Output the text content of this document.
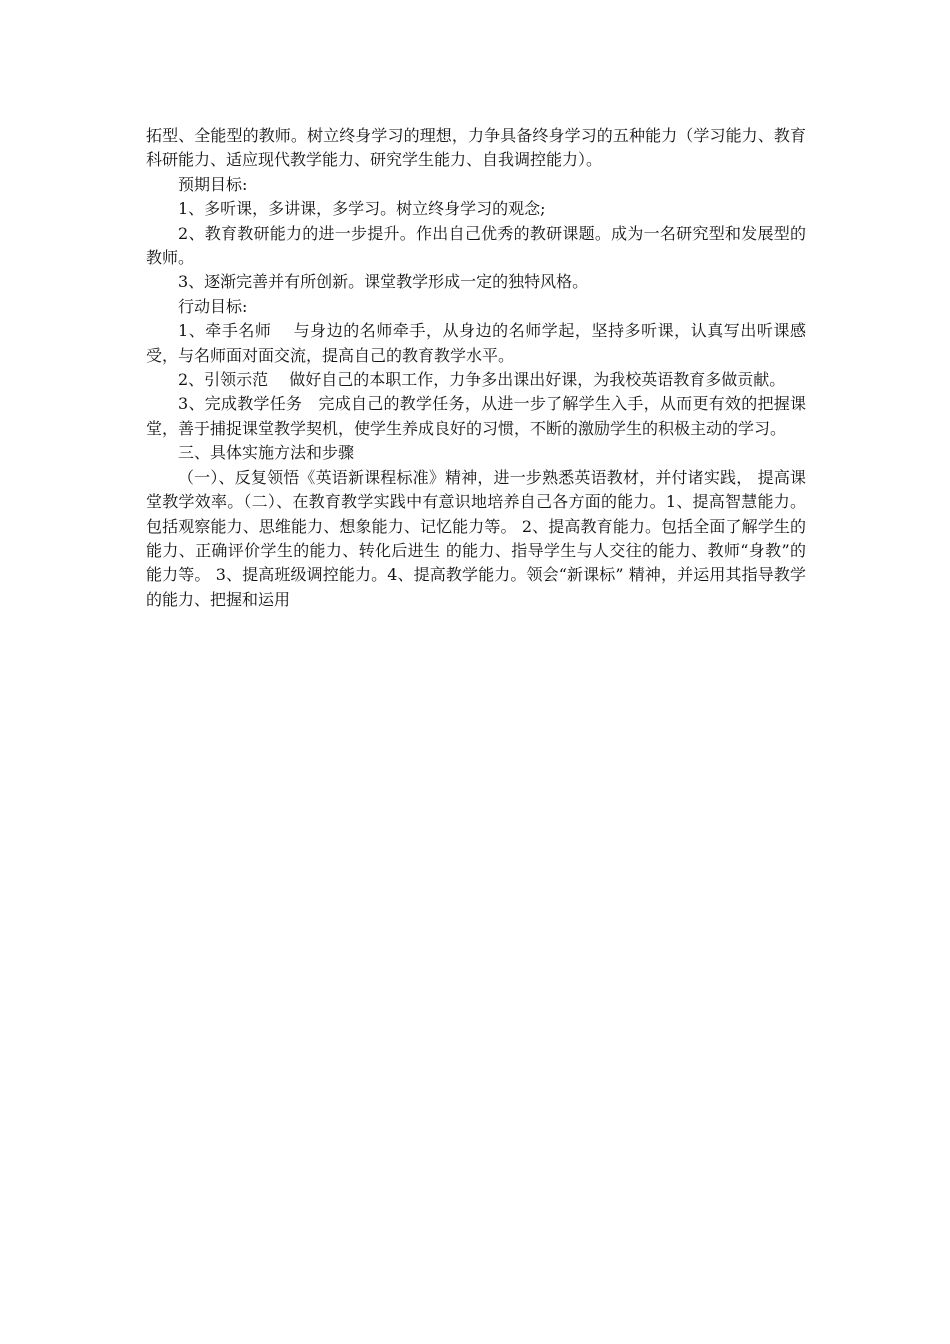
拓型、全能型的教师。树立终身学习的理想，力争具备终身学习的五种能力（学习能力、教育科研能力、适应现代教学能力、研究学生能力、自我调控能力）。

预期目标:

1、多听课，多讲课，多学习。树立终身学习的观念;

2、教育教研能力的进一步提升。作出自己优秀的教研课题。成为一名研究型和发展型的教师。

3、逐渐完善并有所创新。课堂教学形成一定的独特风格。

行动目标:

1、牵手名师　 与身边的名师牵手，从身边的名师学起，坚持多听课，认真写出听课感受，与名师面对面交流，提高自己的教育教学水平。

2、引领示范　 做好自己的本职工作，力争多出课出好课，为我校英语教育多做贡献。

3、完成教学任务　完成自己的教学任务，从进一步了解学生入手，从而更有效的把握课堂，善于捕捉课堂教学契机，使学生养成良好的习惯，不断的激励学生的积极主动的学习。

三、具体实施方法和步骤

（一）、反复领悟《英语新课程标准》精神，进一步熟悉英语教材，并付诸实践， 提高课堂教学效率。（二）、在教育教学实践中有意识地培养自己各方面的能力。1、提高智慧能力。包括观察能力、思维能力、想象能力、记忆能力等。 2、提高教育能力。包括全面了解学生的能力、正确评价学生的能力、转化后进生 的能力、指导学生与人交往的能力、教师“身教”的能力等。 3、提高班级调控能力。4、提高教学能力。领会“新课标” 精神，并运用其指导教学的能力、把握和运用
